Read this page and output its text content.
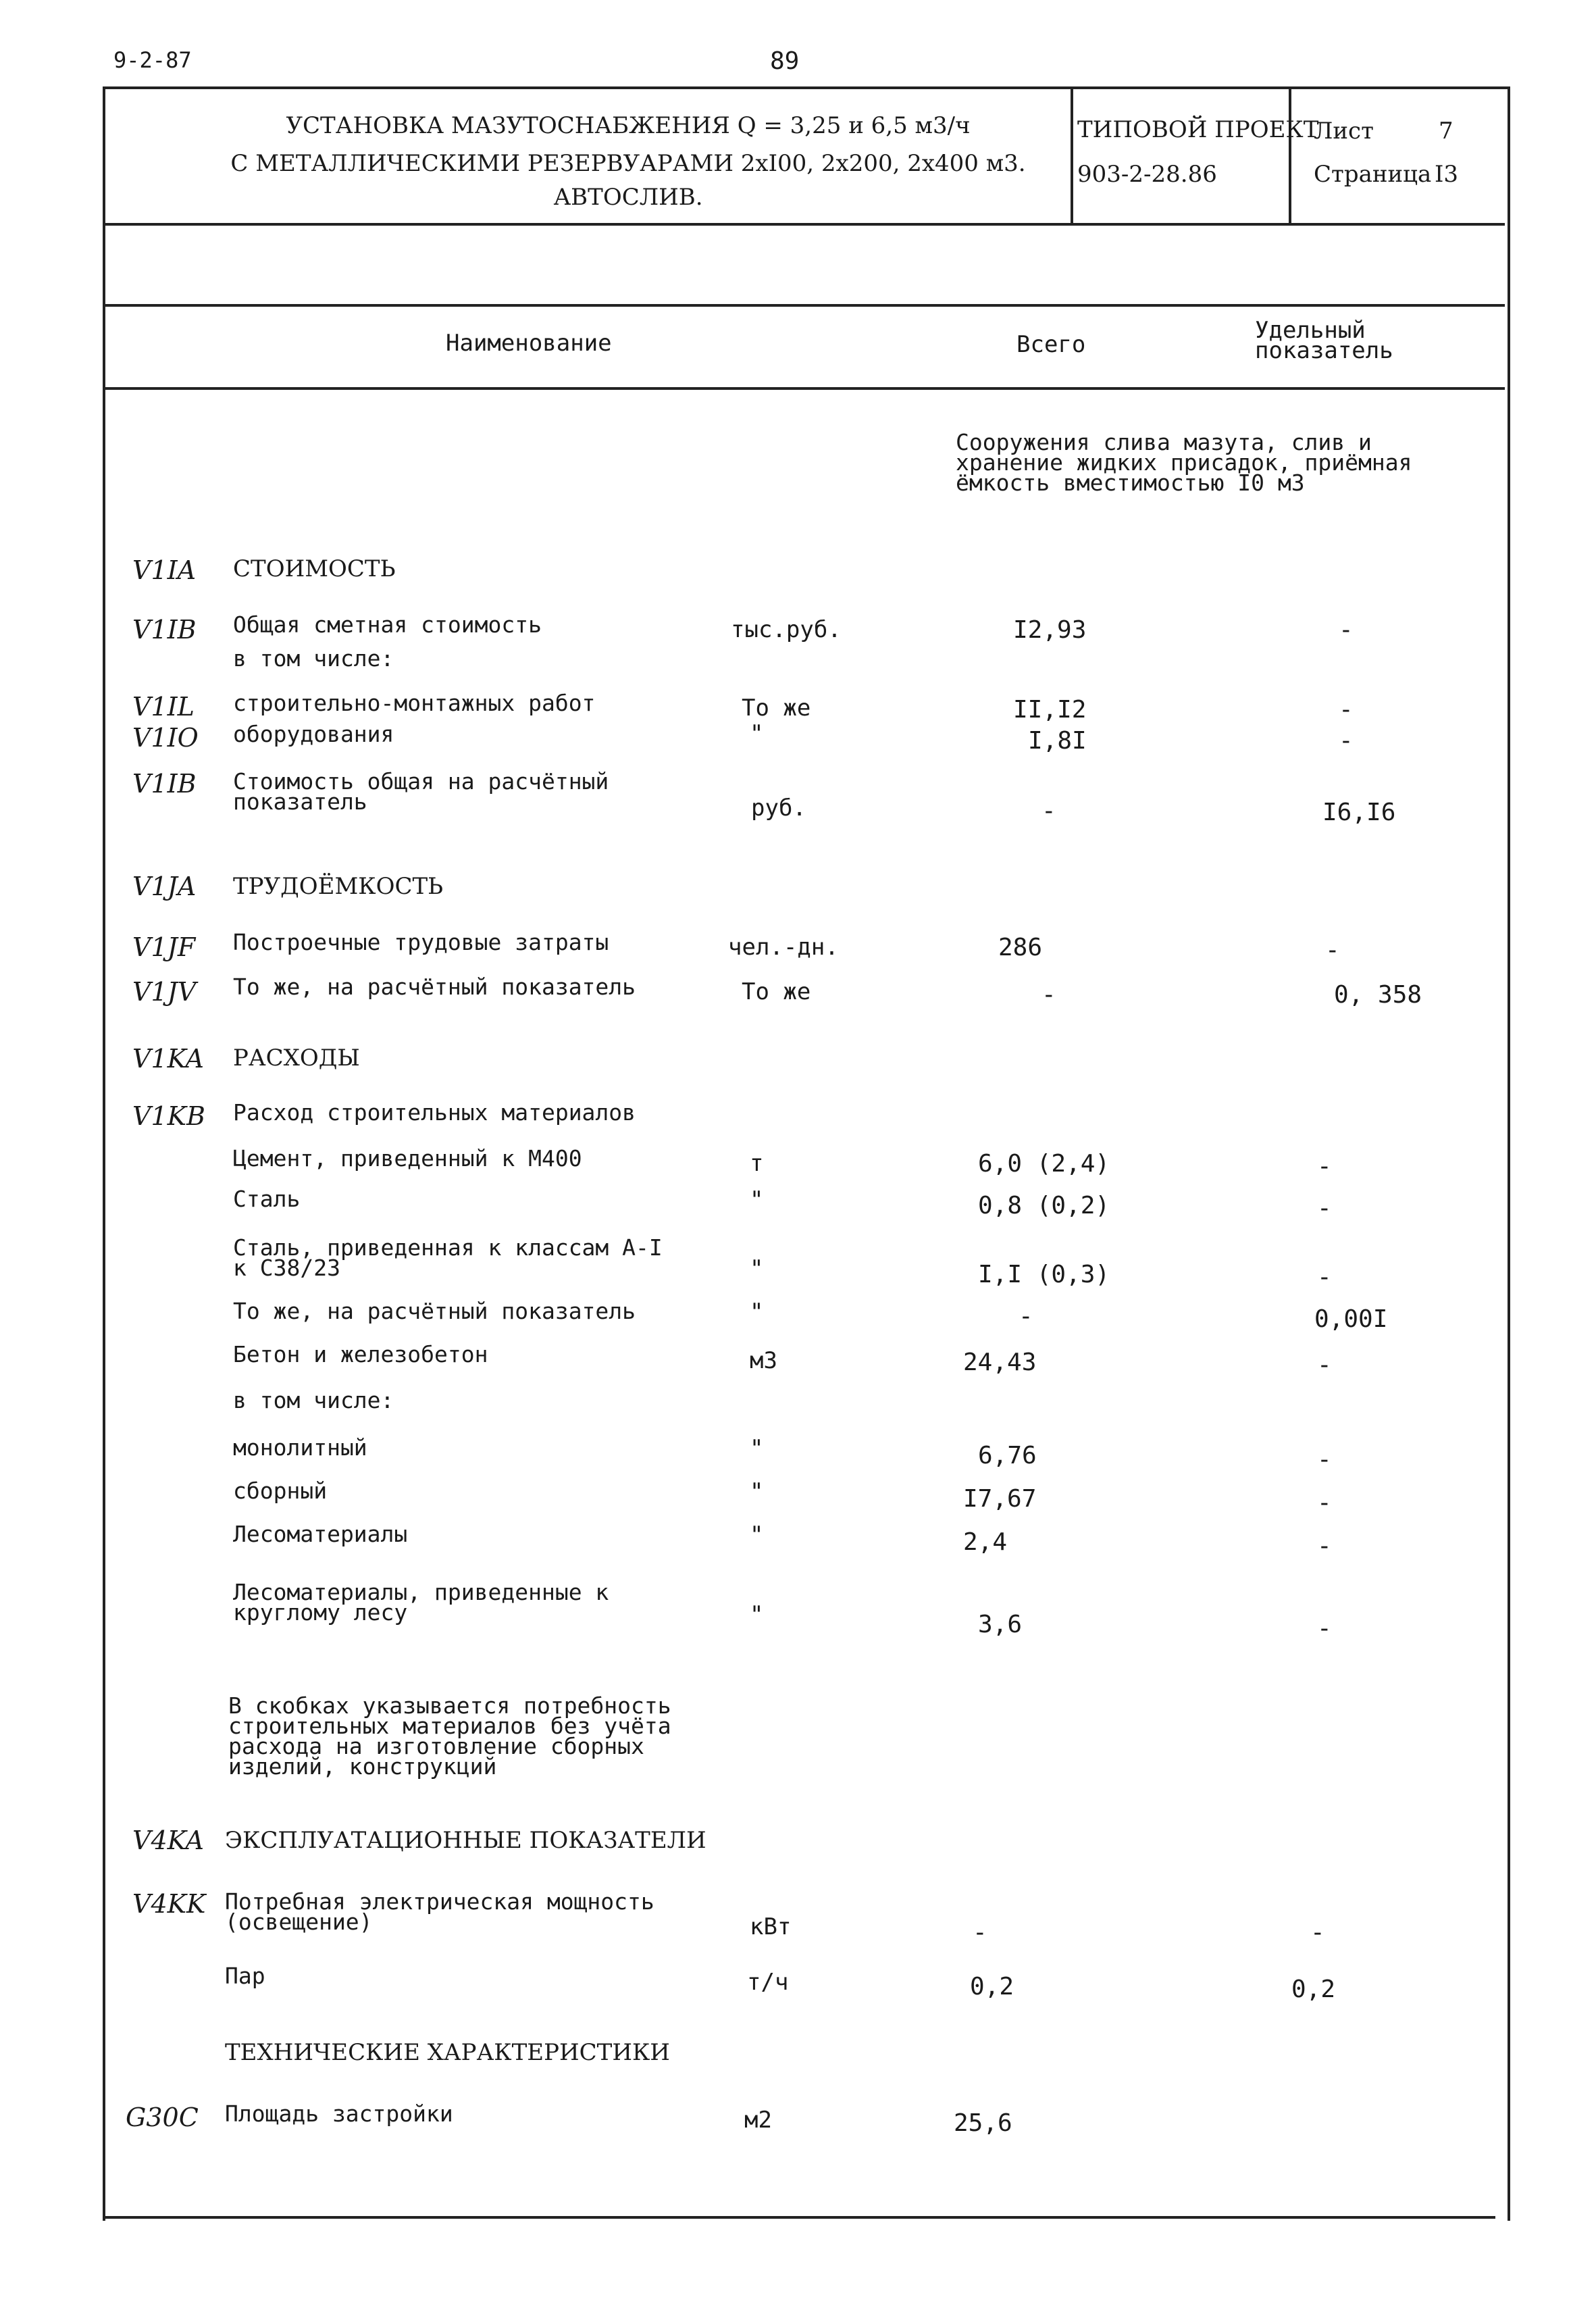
9-2-87	89
УСТАНОВКА МАЗУТОСНАБЖЕНИЯ Q = 3,25 и 6,5 м3/ч
С МЕТАЛЛИЧЕСКИМИ РЕЗЕРВУАРАМИ 2хI00, 2х200, 2х400 м3.
АВТОСЛИВ.
ТИПОВОЙ ПРОЕКТ
903-2-28.86
Лист	7
Страница I3
Наименование	Всего
Удельный
показатель
Сооружения слива мазута, слив и
хранение жидких присадок, приёмная
ёмкость вместимостью I0 м3
V1IA СТОИМОСТЬ
V1IB Общая сметная стоимость	тыс.руб.	I2,93	-
в том числе:
V1IL строительно-монтажных работ	То же	II,I2	-
V1IO оборудования	"	I,8I	-
V1IB Стоимость общая на расчётный
показатель	руб.	-	I6,I6
V1JA ТРУДОЁМКОСТЬ
V1JF Построечные трудовые затраты	чел.-дн.	286	-
V1JV То же, на расчётный показатель	То же	-	0, 358
V1KA РАСХОДЫ
V1KB Расход строительных материалов
Цемент, приведенный к М400	т	6,0 (2,4)	-
Сталь	"	0,8 (0,2)	-
Сталь, приведенная к классам А-I
к С38/23	"	I,I (0,3)	-
То же, на расчётный показатель	"	-	0,00I
Бетон и железобетон	м3	24,43	-
в том числе:
монолитный	"	6,76	-
сборный	"	I7,67	-
Лесоматериалы	"	2,4	-
Лесоматериалы, приведенные к
круглому лесу	"	3,6	-
В скобках указывается потребность
строительных материалов без учёта
расхода на изготовление сборных
изделий, конструкций
V4KA ЭКСПЛУАТАЦИОННЫЕ ПОКАЗАТЕЛИ
V4KK Потребная электрическая мощность
(освещение)	кВт	-	-
Пар	т/ч	0,2	0,2
ТЕХНИЧЕСКИЕ ХАРАКТЕРИСТИКИ
G30C Площадь застройки	м2	25,6
